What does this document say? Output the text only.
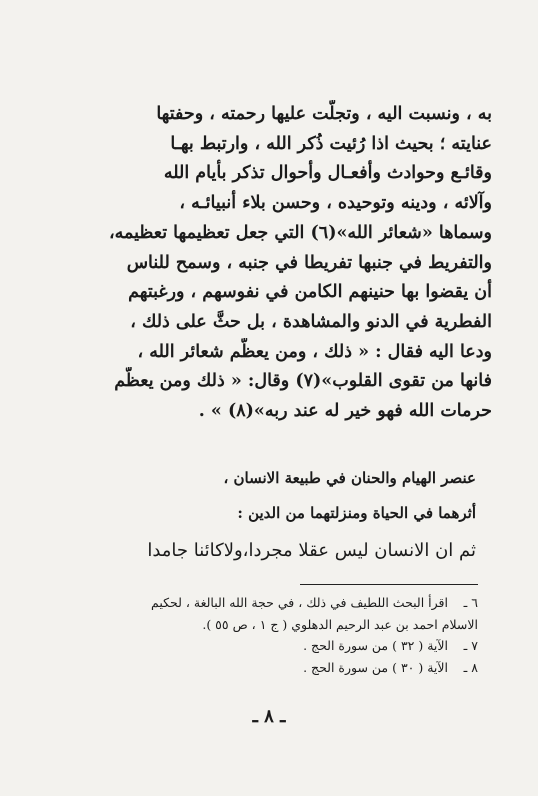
به ، ونسبت اليه ، وتجلّت عليها رحمته ، وحفتها
عنايته ؛ بحيث اذا رُئيت ذُكر الله ، وارتبط بهـا
وقائـع وحوادث وأفعـال وأحوال تذكر بأيام الله
وآلائه ، ودينه وتوحيده ، وحسن بلاء أنبيائـه ،
وسماها «شعائر الله»(٦) التي جعل تعظيمها تعظيمه،
والتفريط في جنبها تفريطا في جنبه ، وسمح للناس
أن يقضوا بها حنينهم الكامن في نفوسهم ، ورغبتهم
الفطرية في الدنو والمشاهدة ، بل حثَّ على ذلك ،
ودعا اليه فقال : « ذلك ، ومن يعظّم شعائر الله ،
فانها من تقوى القلوب»(٧) وقال: « ذلك ومن يعظّم
حرمات الله فهو خير له عند ربه»(٨) » .
عنصر الهيام والحنان في طبيعة الانسان ،
أثرهما في الحياة ومنزلتهما من الدين :
ثم ان الانسان ليس عقلا مجردا،ولاكائنا جامدا
٦ ـ
اقرأ البحث اللطيف في ذلك ، في حجة الله البالغة ، لحكيم
الاسلام احمد بن عبد الرحيم الدهلوي ( ج ١ ، ص ٥٥ ).
٧ ـ
الآية ( ٣٢ ) من سورة الحج .
٨ ـ
الآية ( ٣٠ ) من سورة الحج .
ـ ٨ ـ
